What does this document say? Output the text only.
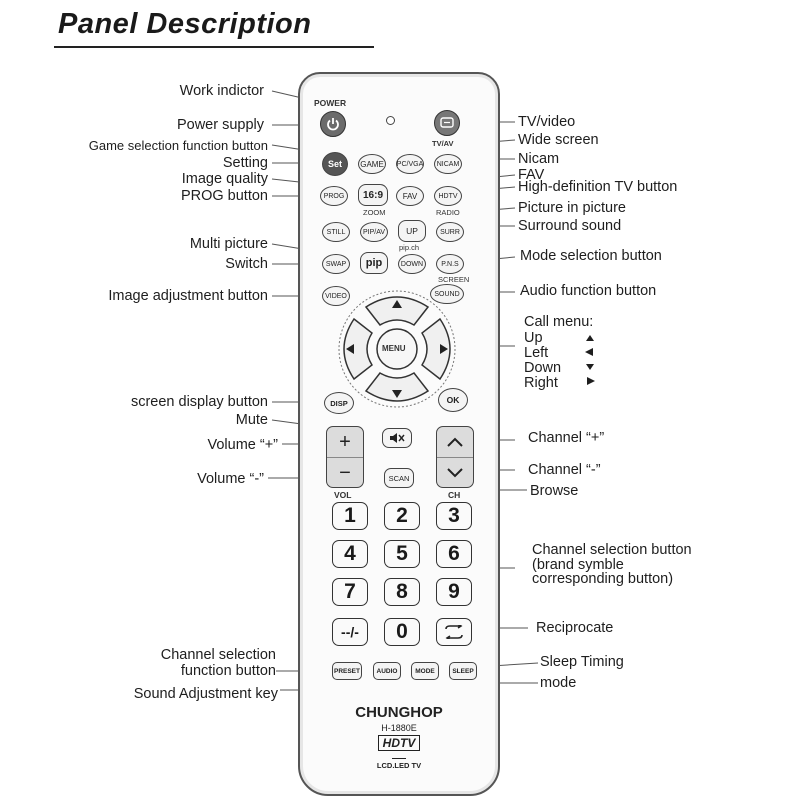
Panel Description
Work indictor
Power supply
Game selection function button
Setting
Image quality
PROG button
Multi picture
Switch
Image adjustment button
screen display button
Mute
Volume “+”
Volume “-”
Channel selection
function button
Sound Adjustment key
TV/video
Wide screen
Nicam
FAV
High-definition TV button
Picture in picture
Surround sound
Mode selection button
Audio function button
Call menu:
Up
Left
Down
Right
Channel “+”
Channel “-”
Browse
Channel selection button
(brand symble
corresponding button)
Reciprocate
Sleep Timing
mode
POWER
TV/AV
Set	GAME	PC/VGA	NICAM
PROG	16:9
ZOOM
FAV	HDTV
RADIO
STILL	PIP/AV	UP
pip.ch
SURR
SWAP	pip	DOWN	P.N.S
SCREEN
VIDEO	SOUND
MENU
DISP	OK
+
−
VOL
SCAN
CH
1	2	3
4	5	6
7	8	9
--/-	0
PRESET	AUDIO	MODE	SLEEP
CHUNGHOP
H-1880E
HDTV
LCD.LED TV
